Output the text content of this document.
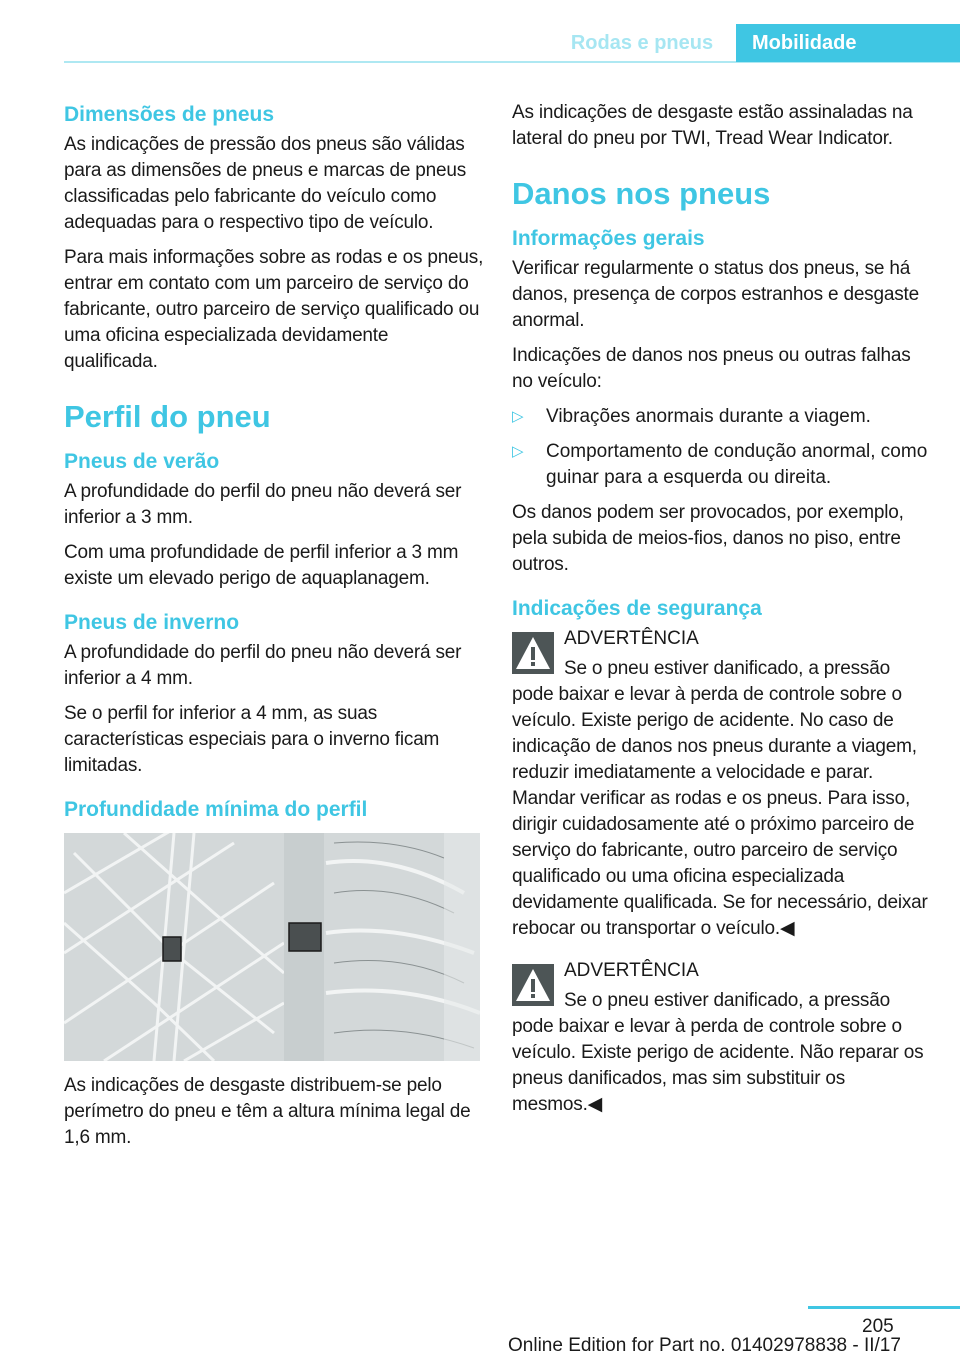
Rodas e pneus	Mobilidade
Dimensões de pneus

As indicações de pressão dos pneus são válidas para as dimensões de pneus e marcas de pneus classificadas pelo fabricante do veículo como adequadas para o respectivo tipo de veículo.

Para mais informações sobre as rodas e os pneus, entrar em contato com um parceiro de serviço do fabricante, outro parceiro de serviço qualificado ou uma oficina especializada devidamente qualificada.

Perfil do pneu
Pneus de verão

A profundidade do perfil do pneu não deverá ser inferior a 3 mm.

Com uma profundidade de perfil inferior a 3 mm existe um elevado perigo de aquaplanagem.

Pneus de inverno

A profundidade do perfil do pneu não deverá ser inferior a 4 mm.

Se o perfil for inferior a 4 mm, as suas características especiais para o inverno ficam limitadas.

Profundidade mínima do perfil

As indicações de desgaste distribuem-se pelo perímetro do pneu e têm a altura mínima legal de 1,6 mm.

As indicações de desgaste estão assinaladas na lateral do pneu por TWI, Tread Wear Indicator.

Danos nos pneus
Informações gerais

Verificar regularmente o status dos pneus, se há danos, presença de corpos estranhos e desgaste anormal.

Indicações de danos nos pneus ou outras falhas no veículo:

▷ Vibrações anormais durante a viagem.
▷ Comportamento de condução anormal, como guinar para a esquerda ou direita.

Os danos podem ser provocados, por exemplo, pela subida de meios-fios, danos no piso, entre outros.

Indicações de segurança
ADVERTÊNCIA

Se o pneu estiver danificado, a pressão pode baixar e levar à perda de controle sobre o veículo. Existe perigo de acidente. No caso de indicação de danos nos pneus durante a viagem, reduzir imediatamente a velocidade e parar. Mandar verificar as rodas e os pneus. Para isso, dirigir cuidadosamente até o próximo parceiro de serviço do fabricante, outro parceiro de serviço qualificado ou uma oficina especializada devidamente qualificada. Se for necessário, deixar rebocar ou transportar o veículo.◀

ADVERTÊNCIA

Se o pneu estiver danificado, a pressão pode baixar e levar à perda de controle sobre o veículo. Existe perigo de acidente. Não reparar os pneus danificados, mas sim substituir os mesmos.◀

205
Online Edition for Part no. 01402978838 - II/17
